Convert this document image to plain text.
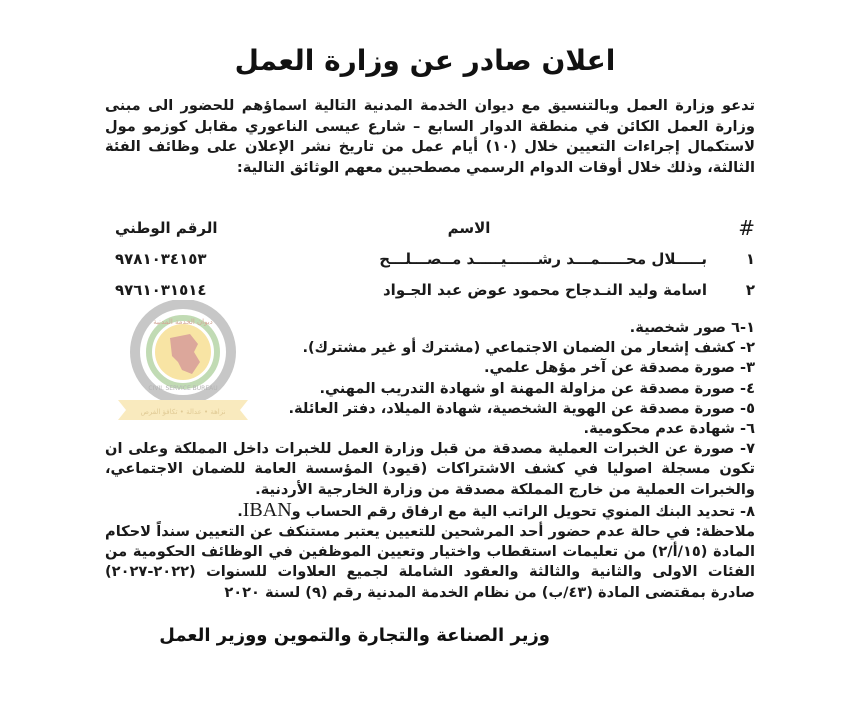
ديوان الخدمة المدنية
CIVIL SERVICE BUREAU
نزاهة • عدالة • تكافؤ الفرص
اعلان صادر عن وزارة العمل
تدعو وزارة العمل وبالتنسيق مع ديوان الخدمة المدنية التالية اسماؤهم للحضور الى مبنى وزارة العمل الكائن في منطقة الدوار السابع – شارع عيسى الناعوري مقابل كوزمو مول لاستكمال إجراءات التعيين خلال (١٠) أيام عمل من تاريخ نشر الإعلان على وظائف الفئة الثالثة، وذلك خلال أوقات الدوام الرسمي مصطحبين معهم الوثائق التالية:
#
الاسم
الرقم الوطني
١
بـــــلال محـــــمـــد رشــــــيـــــد مــصـــلـــح
٩٧٨١٠٣٤١٥٣
٢
اسامة وليد النـدجاح محمود عوض عبد الجـواد
٩٧٦١٠٣١٥١٤
١-٦ صور شخصية.
٢- كشف إشعار من الضمان الاجتماعي (مشترك أو غير مشترك).
٣- صورة مصدقة عن آخر مؤهل علمي.
٤- صورة مصدقة عن مزاولة المهنة او شهادة التدريب المهني.
٥- صورة مصدقة عن الهوية الشخصية، شهادة الميلاد، دفتر العائلة.
٦- شهادة عدم محكومية.
٧- صورة عن الخبرات العملية مصدقة من قبل وزارة العمل للخبرات داخل المملكة وعلى ان تكون مسجلة اصوليا في كشف الاشتراكات (قيود) المؤسسة العامة للضمان الاجتماعي، والخبرات العملية من خارج المملكة مصدقة من وزارة الخارجية الأردنية.
٨- تحديد البنك المنوي تحويل الراتب الية مع ارفاق رقم الحساب وIBAN.
ملاحظة: في حالة عدم حضور أحد المرشحين للتعيين يعتبر مستنكف عن التعيين سنداً لاحكام المادة (١٥/أ/٢) من تعليمات استقطاب واختيار وتعيين الموظفين في الوظائف الحكومية من الفئات الاولى والثانية والثالثة والعقود الشاملة لجميع العلاوات للسنوات (٢٠٢٢-٢٠٢٧) صادرة بمقتضى المادة (٤٣/ب) من نظام الخدمة المدنية رقم (٩) لسنة ٢٠٢٠
وزير الصناعة والتجارة والتموين ووزير العمل
